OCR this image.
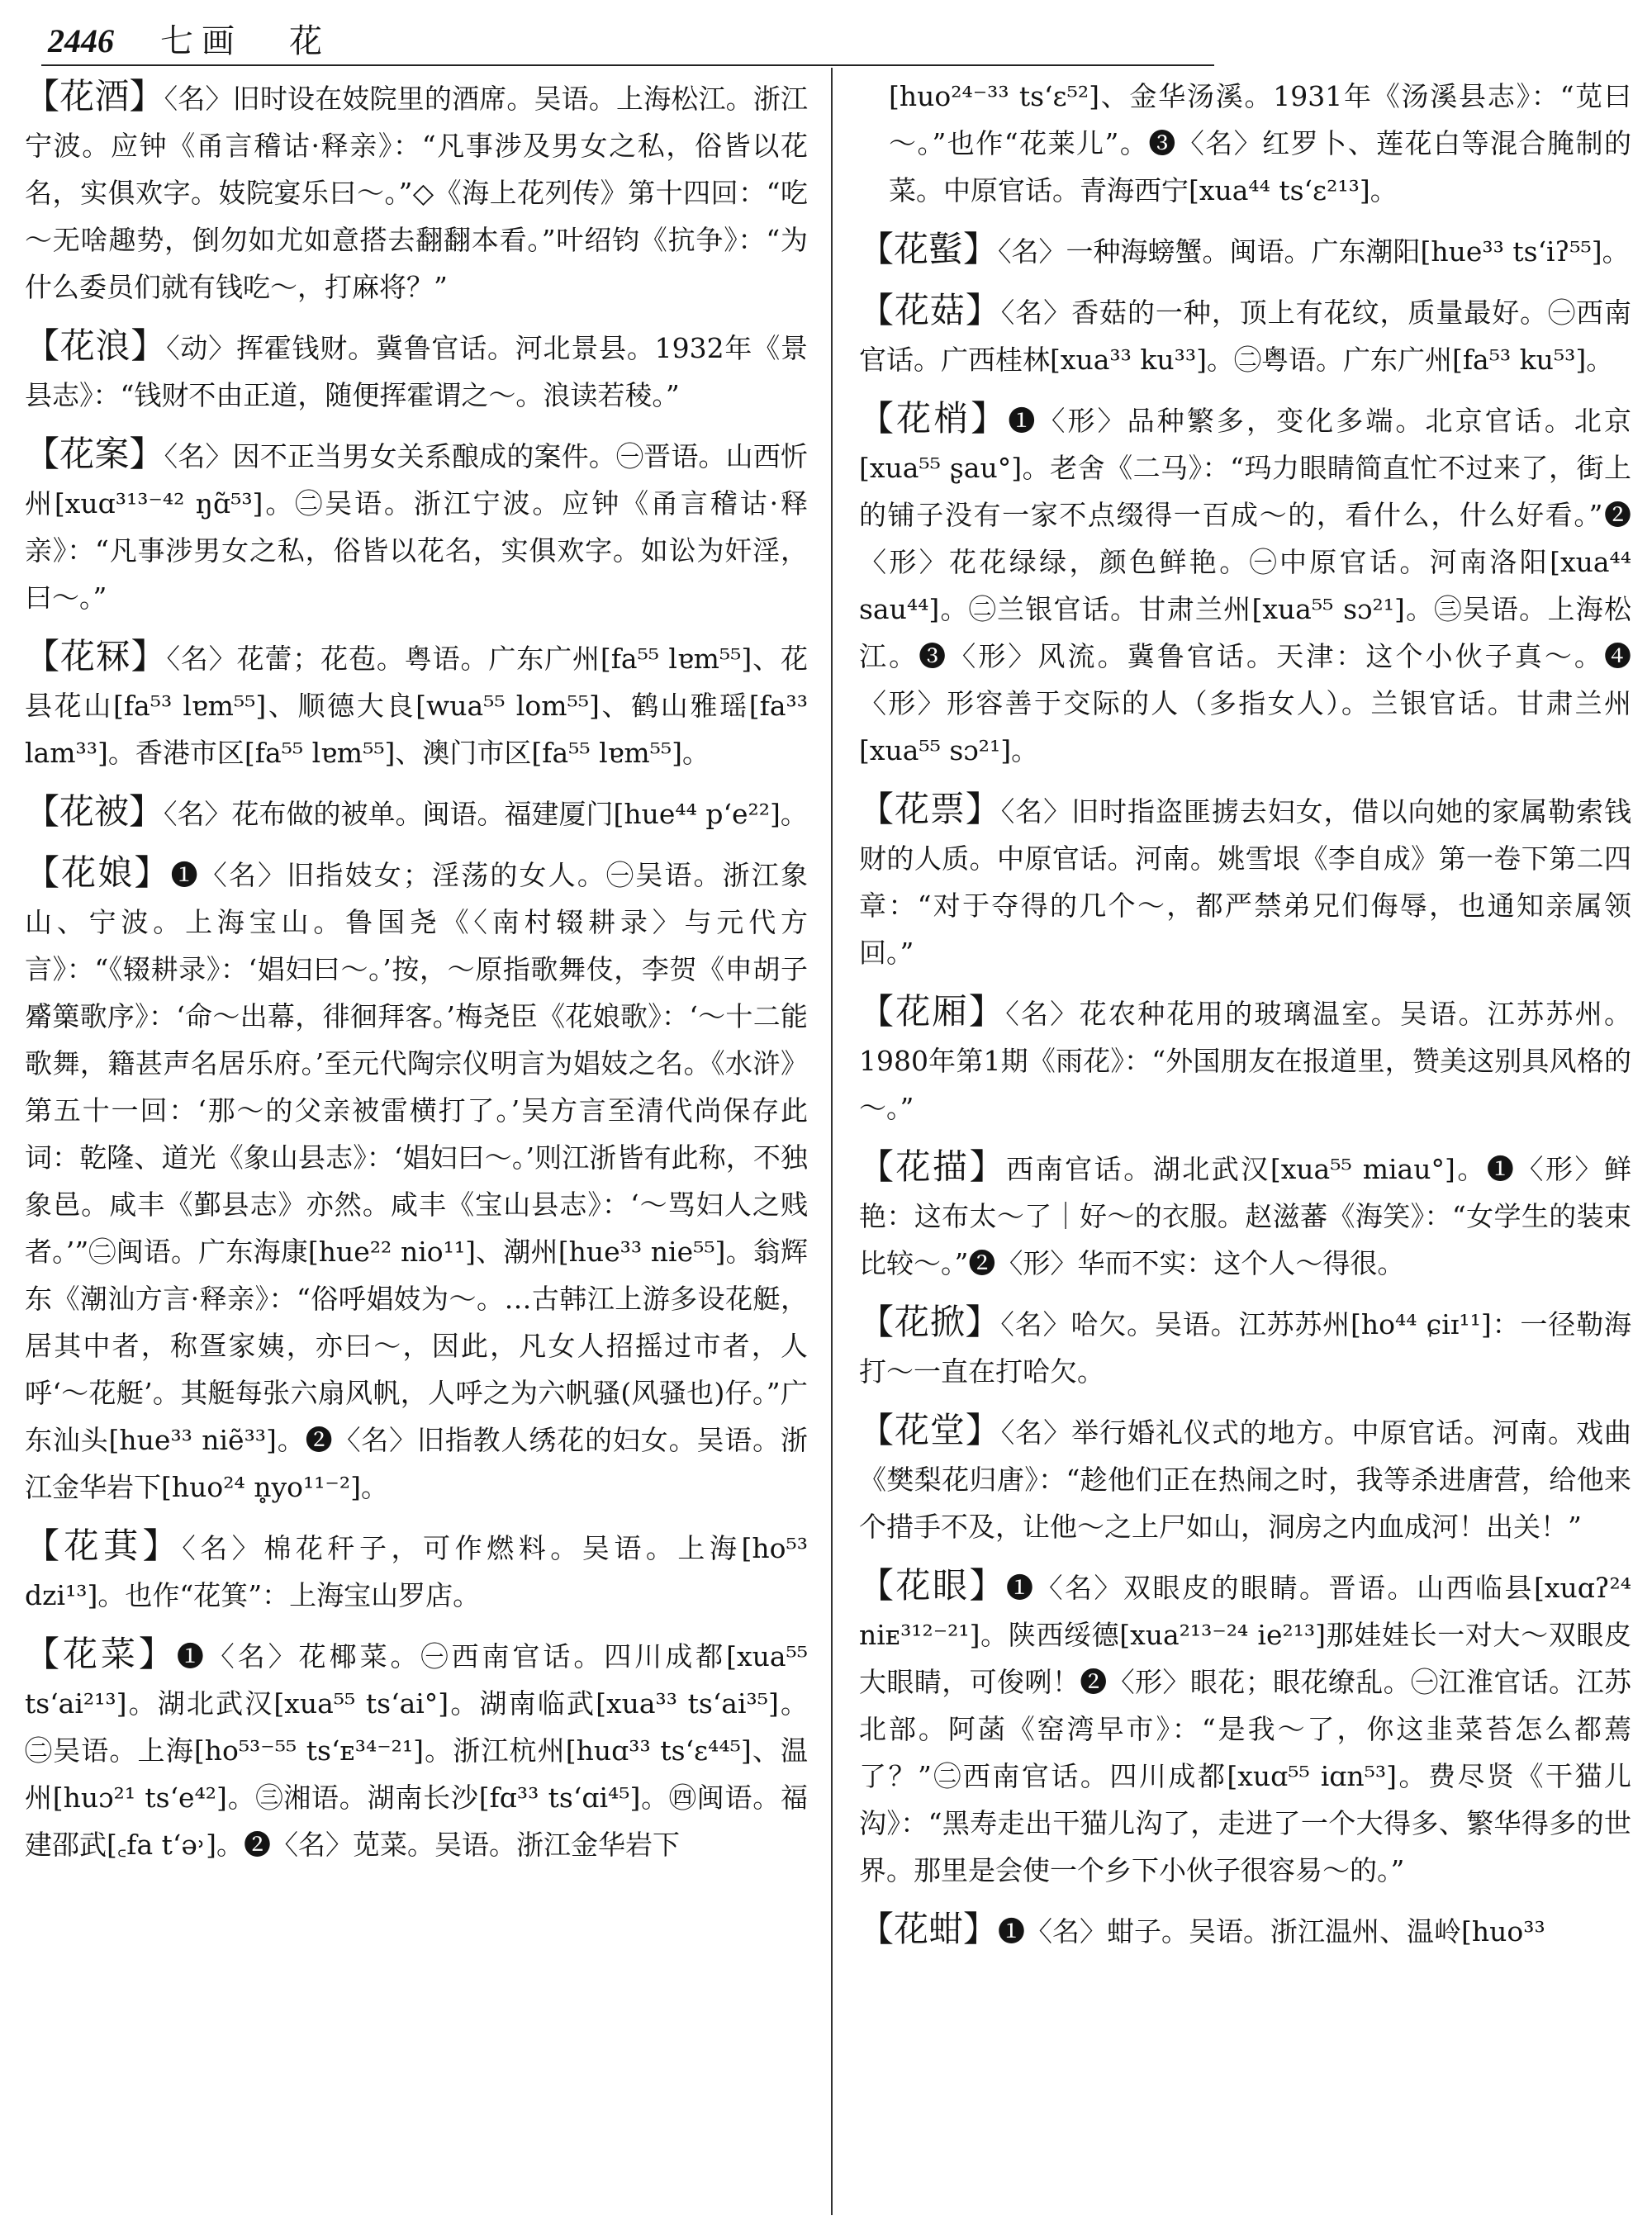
2446 七画 花

【花酒】〈名〉旧时设在妓院里的酒席。吴语。上海松江。浙江宁波。应钟《甬言稽诂·释亲》：“凡事涉及男女之私，俗皆以花名，实俱欢字。妓院宴乐曰～。”◇《海上花列传》第十四回：“吃～无啥趣势，倒勿如尤如意搭去翻翻本看。”叶绍钧《抗争》：“为什么委员们就有钱吃～，打麻将？”

【花浪】〈动〉挥霍钱财。冀鲁官话。河北景县。1932年《景县志》：“钱财不由正道，随便挥霍谓之～。浪读若稜。”

【花案】〈名〉因不正当男女关系酿成的案件。㊀晋语。山西忻州[xuɑ³¹³⁻⁴² ŋɑ̃⁵³]。㊁吴语。浙江宁波。应钟《甬言稽诂·释亲》：“凡事涉男女之私，俗皆以花名，实俱欢字。如讼为奸淫，曰～。”

【花冧】〈名〉花蕾；花苞。粤语。广东广州[fa⁵⁵ lɐm⁵⁵]、花县花山[fa⁵³ lɐm⁵⁵]、顺德大良[wua⁵⁵ lom⁵⁵]、鹤山雅瑶[fa³³ lam³³]。香港市区[fa⁵⁵ lɐm⁵⁵]、澳门市区[fa⁵⁵ lɐm⁵⁵]。

【花被】〈名〉花布做的被单。闽语。福建厦门[hue⁴⁴ pʻe²²]。

【花娘】❶〈名〉旧指妓女；淫荡的女人。㊀吴语。浙江象山、宁波。上海宝山。鲁国尧《〈南村辍耕录〉与元代方言》：“《辍耕录》：‘娼妇曰～。’按，～原指歌舞伎，李贺《申胡子觱篥歌序》：‘命～出幕，徘徊拜客。’梅尧臣《花娘歌》：‘～十二能歌舞，籍甚声名居乐府。’至元代陶宗仪明言为娼妓之名。《水浒》第五十一回：‘那～的父亲被雷横打了。’吴方言至清代尚保存此词：乾隆、道光《象山县志》：‘娼妇曰～。’则江浙皆有此称，不独象邑。咸丰《鄞县志》亦然。咸丰《宝山县志》：‘～骂妇人之贱者。’”㊁闽语。广东海康[hue²² nio¹¹]、潮州[hue³³ nie⁵⁵]。翁辉东《潮汕方言·释亲》：“俗呼娼妓为～。…古韩江上游多设花艇，居其中者，称疍家姨，亦曰～，因此，凡女人招摇过市者，人呼‘～花艇’。其艇每张六扇风帆，人呼之为六帆骚(风骚也)仔。”广东汕头[hue³³ niẽ³³]。❷〈名〉旧指教人绣花的妇女。吴语。浙江金华岩下[huo²⁴ n̥yo¹¹⁻²]。

【花萁】〈名〉棉花秆子，可作燃料。吴语。上海[ho⁵³ dzi¹³]。也作“花箕”：上海宝山罗店。

【花菜】❶〈名〉花椰菜。㊀西南官话。四川成都[xua⁵⁵ tsʻai²¹³]。湖北武汉[xua⁵⁵ tsʻai°]。湖南临武[xua³³ tsʻai³⁵]。㊁吴语。上海[ho⁵³⁻⁵⁵ tsʻᴇ³⁴⁻²¹]。浙江杭州[huɑ³³ tsʻɛ⁴⁴⁵]、温州[huɔ²¹ tsʻe⁴²]。㊂湘语。湖南长沙[fɑ³³ tsʻɑi⁴⁵]。㊃闽语。福建邵武[꜀fa tʻə˒]。❷〈名〉苋菜。吴语。浙江金华岩下

[huo²⁴⁻³³ tsʻɛ⁵²]、金华汤溪。1931年《汤溪县志》：“苋曰～。”也作“花莱儿”。❸〈名〉红罗卜、莲花白等混合腌制的菜。中原官话。青海西宁[xua⁴⁴ tsʻɛ²¹³]。

【花蟚】〈名〉一种海螃蟹。闽语。广东潮阳[hue³³ tsʻiʔ⁵⁵]。

【花菇】〈名〉香菇的一种，顶上有花纹，质量最好。㊀西南官话。广西桂林[xua³³ ku³³]。㊁粤语。广东广州[fa⁵³ ku⁵³]。

【花梢】❶〈形〉品种繁多，变化多端。北京官话。北京[xua⁵⁵ ʂau°]。老舍《二马》：“玛力眼睛简直忙不过来了，街上的铺子没有一家不点缀得一百成～的，看什么，什么好看。”❷〈形〉花花绿绿，颜色鲜艳。㊀中原官话。河南洛阳[xua⁴⁴ sau⁴⁴]。㊁兰银官话。甘肃兰州[xua⁵⁵ sɔ²¹]。㊂吴语。上海松江。❸〈形〉风流。冀鲁官话。天津：这个小伙子真～。❹〈形〉形容善于交际的人（多指女人）。兰银官话。甘肃兰州[xua⁵⁵ sɔ²¹]。

【花票】〈名〉旧时指盗匪掳去妇女，借以向她的家属勒索钱财的人质。中原官话。河南。姚雪垠《李自成》第一卷下第二四章：“对于夺得的几个～，都严禁弟兄们侮辱，也通知亲属领回。”

【花厢】〈名〉花农种花用的玻璃温室。吴语。江苏苏州。1980年第1期《雨花》：“外国朋友在报道里，赞美这别具风格的～。”

【花描】西南官话。湖北武汉[xua⁵⁵ miau°]。❶〈形〉鲜艳：这布太～了｜好～的衣服。赵滋蕃《海笑》：“女学生的装束比较～。”❷〈形〉华而不实：这个人～得很。

【花掀】〈名〉哈欠。吴语。江苏苏州[ho⁴⁴ ɕiɪ¹¹]：一径勒海打～一直在打哈欠。

【花堂】〈名〉举行婚礼仪式的地方。中原官话。河南。戏曲《樊梨花归唐》：“趁他们正在热闹之时，我等杀进唐营，给他来个措手不及，让他～之上尸如山，洞房之内血成河！出关！”

【花眼】❶〈名〉双眼皮的眼睛。晋语。山西临县[xuɑʔ²⁴ niᴇ³¹²⁻²¹]。陕西绥德[xua²¹³⁻²⁴ ie²¹³]那娃娃长一对大～双眼皮大眼睛，可俊咧！❷〈形〉眼花；眼花缭乱。㊀江淮官话。江苏北部。阿菡《窑湾早市》：“是我～了，你这韭菜苔怎么都蔫了？”㊁西南官话。四川成都[xuɑ⁵⁵ iɑn⁵³]。费尽贤《干猫儿沟》：“黑寿走出干猫儿沟了，走进了一个大得多、繁华得多的世界。那里是会使一个乡下小伙子很容易～的。”

【花蚶】❶〈名〉蚶子。吴语。浙江温州、温岭[huo³³
